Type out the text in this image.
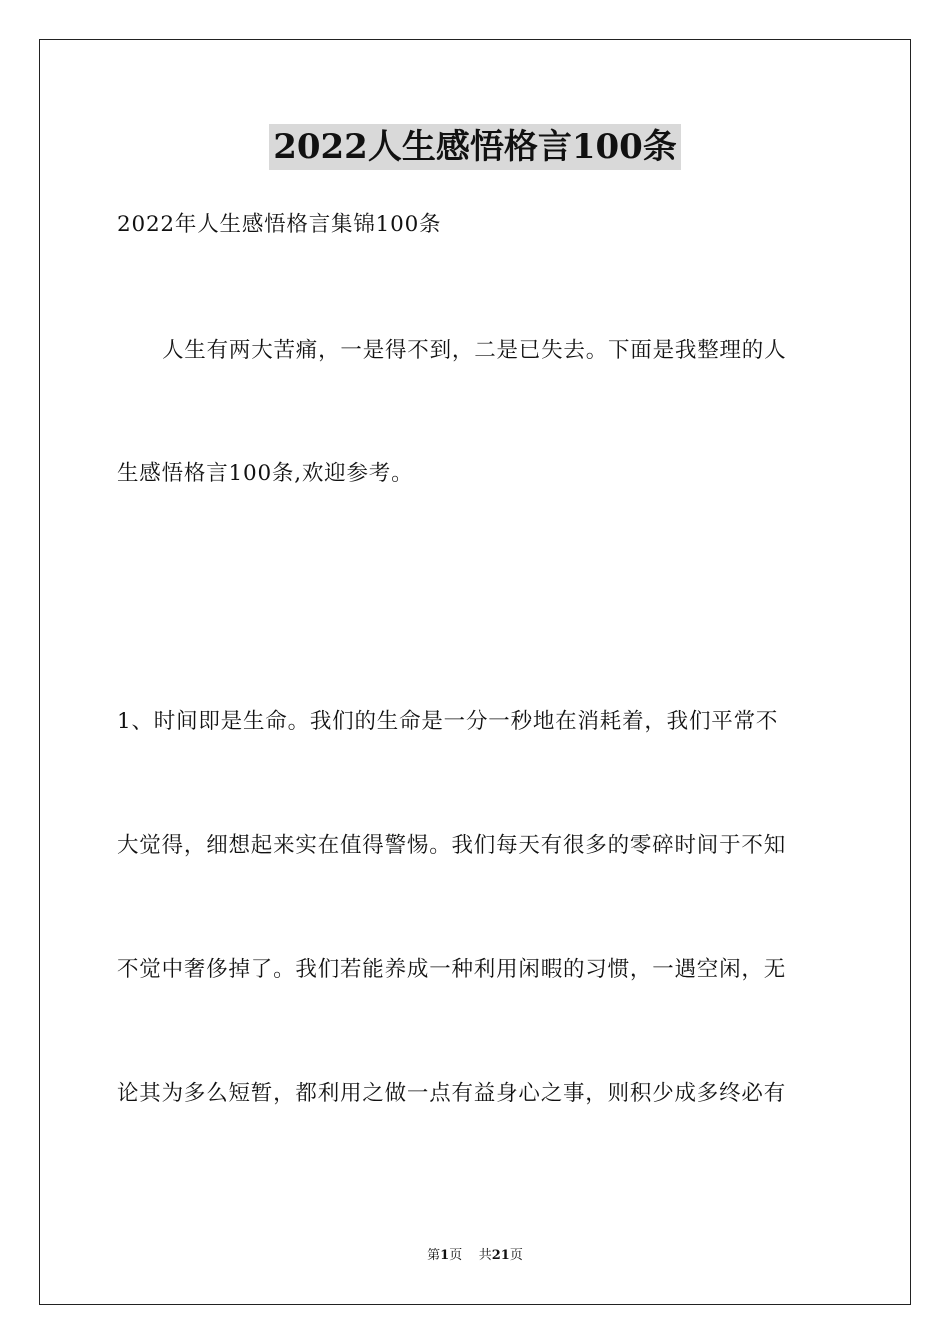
2022人生感悟格言100条
2022年人生感悟格言集锦100条
人生有两大苦痛，一是得不到，二是已失去。下面是我整理的人
生感悟格言100条,欢迎参考。
1、时间即是生命。我们的生命是一分一秒地在消耗着，我们平常不
大觉得，细想起来实在值得警惕。我们每天有很多的零碎时间于不知
不觉中奢侈掉了。我们若能养成一种利用闲暇的习惯，一遇空闲，无
论其为多么短暂，都利用之做一点有益身心之事，则积少成多终必有
第1页 共21页
